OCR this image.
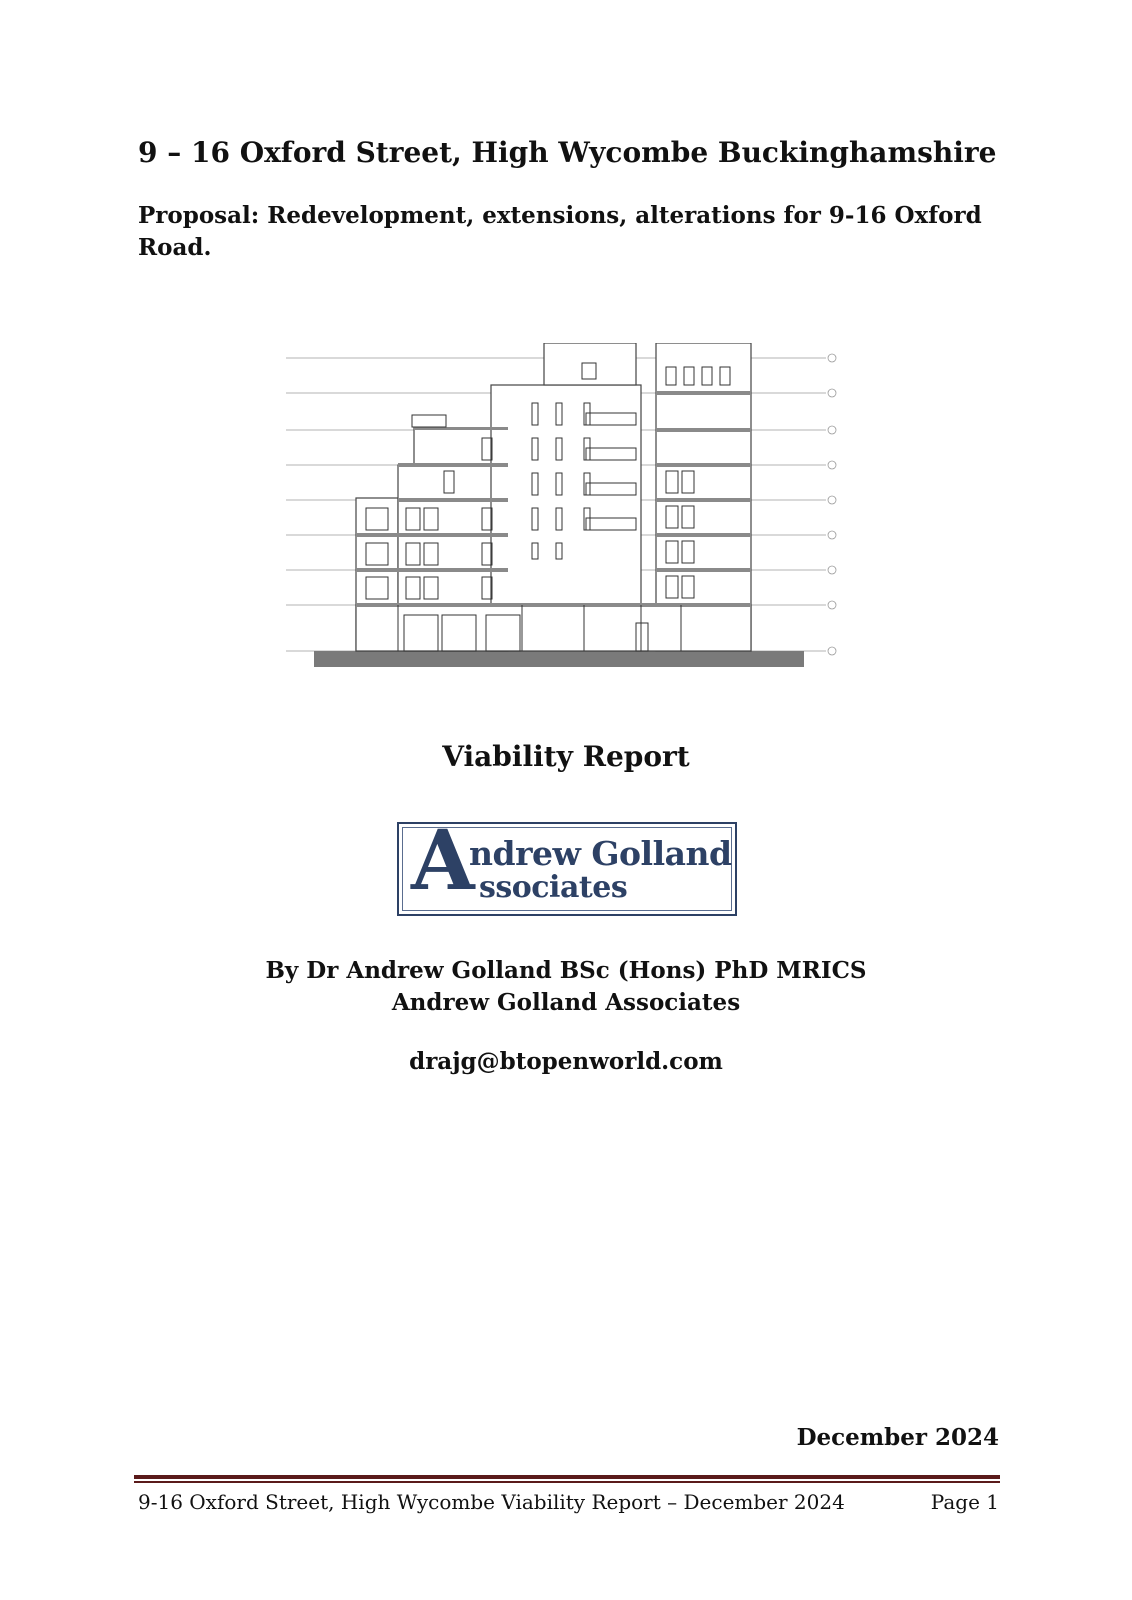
9 – 16 Oxford Street, High Wycombe Buckinghamshire

Proposal: Redevelopment, extensions, alterations for 9-16 Oxford
Road.

Viability Report
A
ndrew Golland
ssociates

By Dr Andrew Golland BSc (Hons) PhD MRICS
Andrew Golland Associates

drajg@btopenworld.com

December 2024

9-16 Oxford Street, High Wycombe Viability Report – December 2024	Page 1
